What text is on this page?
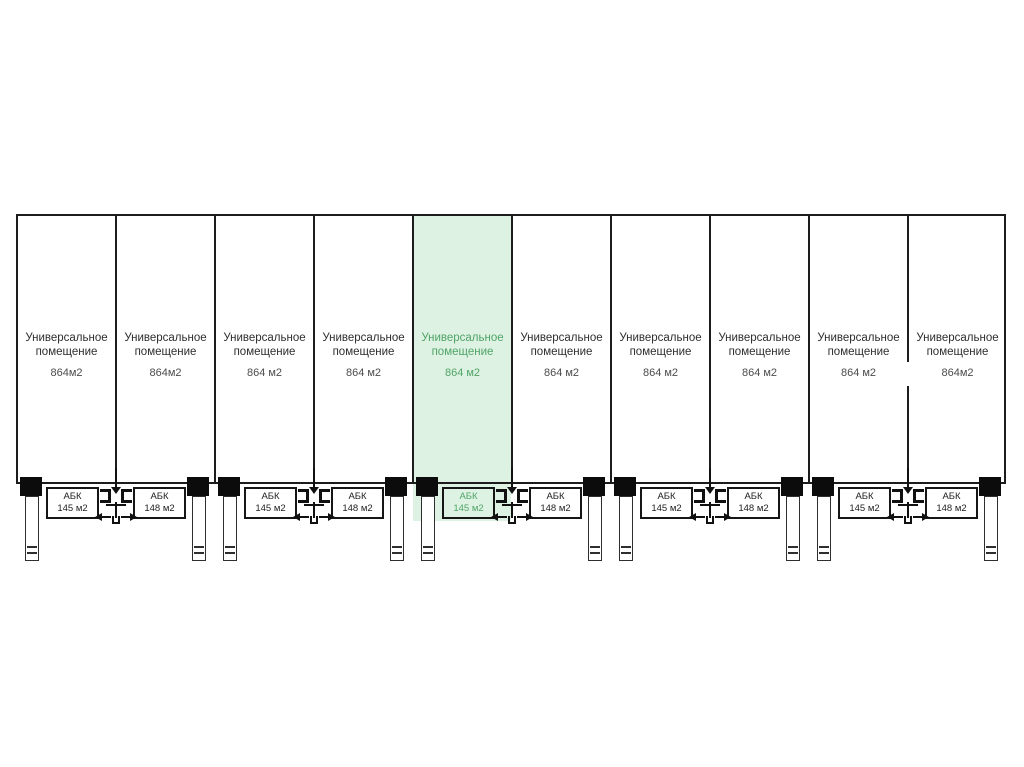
Универсальное помещение
864м2
Универсальное помещение
864м2
Универсальное помещение
864 м2
Универсальное помещение
864 м2
Универсальное помещение
864 м2
Универсальное помещение
864 м2
Универсальное помещение
864 м2
Универсальное помещение
864 м2
Универсальное помещение
864 м2
Универсальное помещение
864м2
АБК
145 м2
АБК
148 м2
АБК
145 м2
АБК
148 м2
АБК
145 м2
АБК
148 м2
АБК
145 м2
АБК
148 м2
АБК
145 м2
АБК
148 м2
